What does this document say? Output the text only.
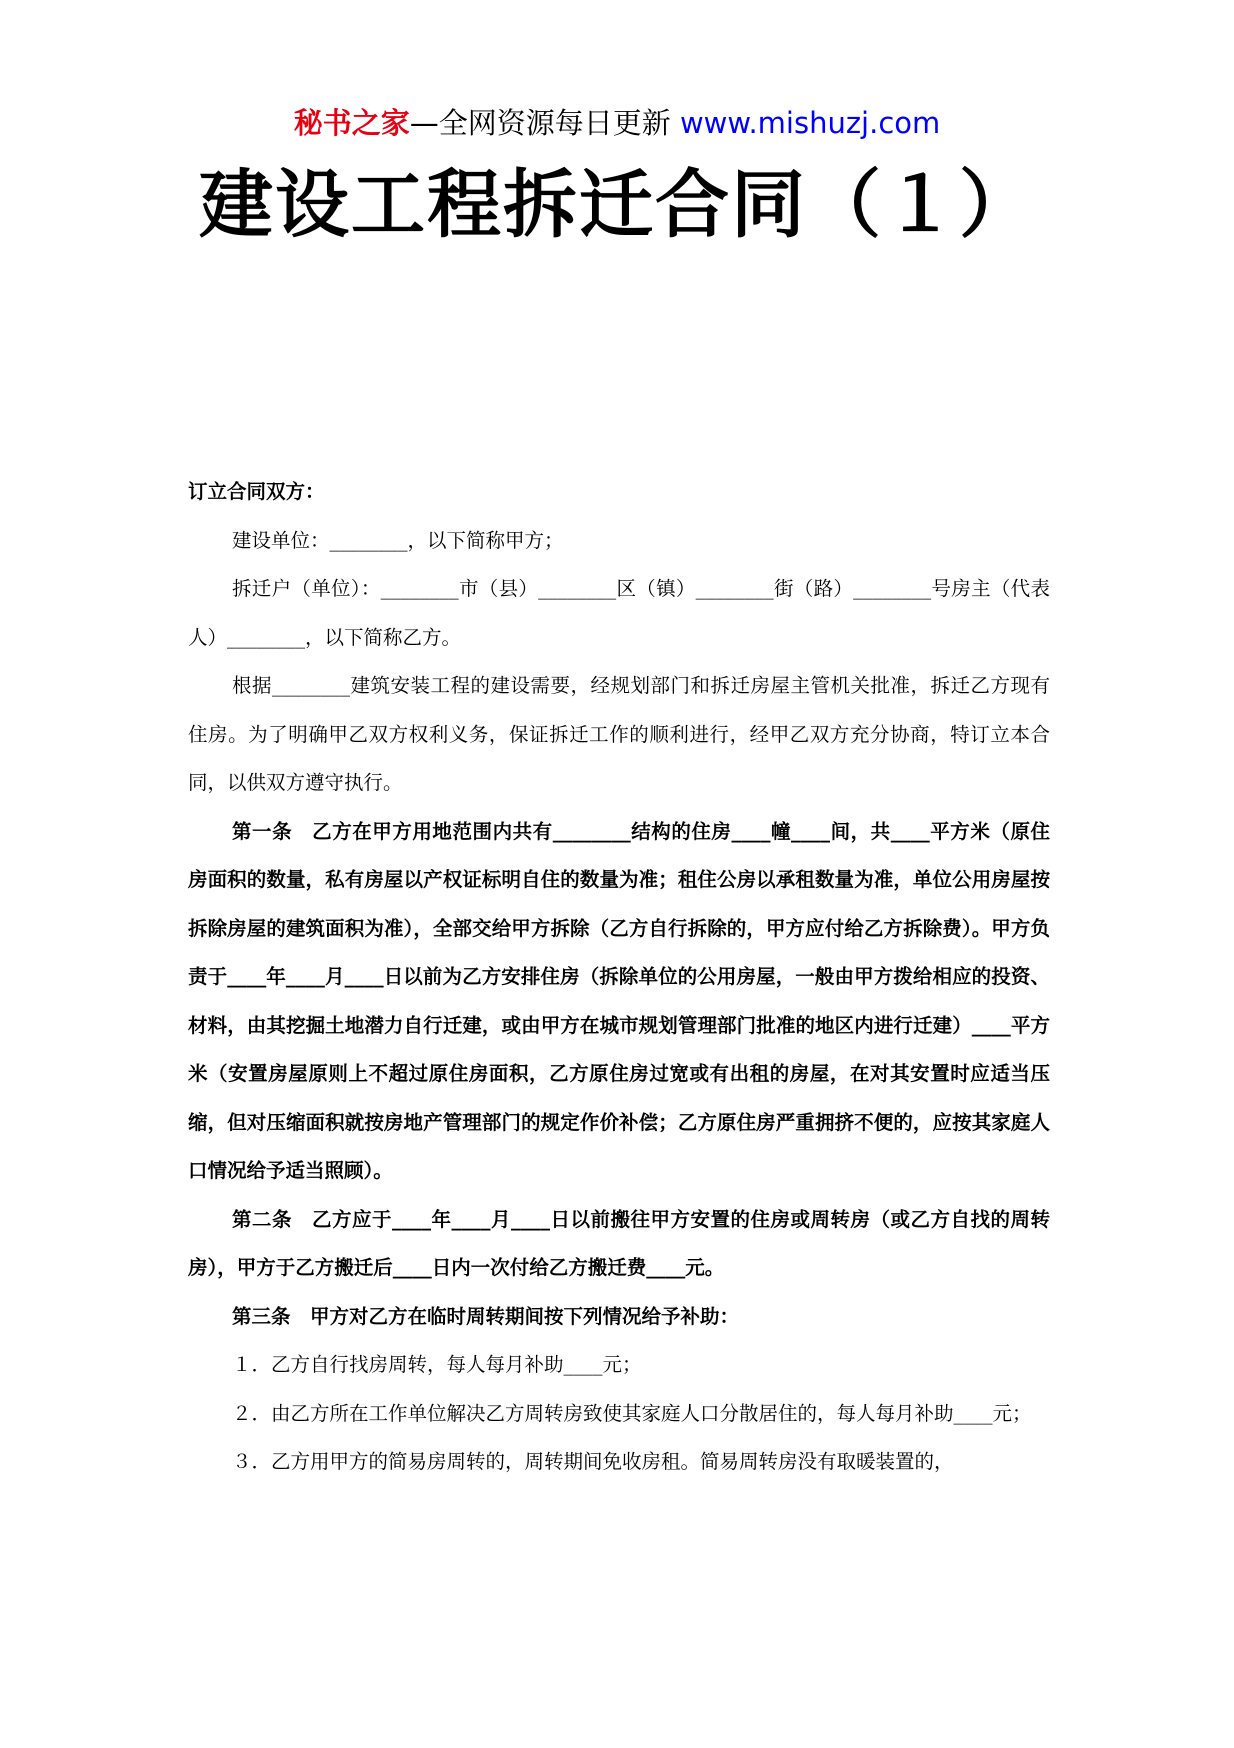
秘书之家—全网资源每日更新 www.mishuzj.com
建设工程拆迁合同（１）

订立合同双方：

建设单位：________，以下简称甲方；

拆迁户（单位）：________市（县）________区（镇）________街（路）________号房主（代表人）________，以下简称乙方。

根据________建筑安装工程的建设需要，经规划部门和拆迁房屋主管机关批准，拆迁乙方现有住房。为了明确甲乙双方权利义务，保证拆迁工作的顺利进行，经甲乙双方充分协商，特订立本合同，以供双方遵守执行。

第一条　乙方在甲方用地范围内共有________结构的住房____幢____间，共____平方米（原住房面积的数量，私有房屋以产权证标明自住的数量为准；租住公房以承租数量为准，单位公用房屋按拆除房屋的建筑面积为准），全部交给甲方拆除（乙方自行拆除的，甲方应付给乙方拆除费）。甲方负责于____年____月____日以前为乙方安排住房（拆除单位的公用房屋，一般由甲方拨给相应的投资、材料，由其挖掘土地潜力自行迁建，或由甲方在城市规划管理部门批准的地区内进行迁建）____平方米（安置房屋原则上不超过原住房面积，乙方原住房过宽或有出租的房屋，在对其安置时应适当压缩，但对压缩面积就按房地产管理部门的规定作价补偿；乙方原住房严重拥挤不便的，应按其家庭人口情况给予适当照顾）。

第二条　乙方应于____年____月____日以前搬往甲方安置的住房或周转房（或乙方自找的周转房），甲方于乙方搬迁后____日内一次付给乙方搬迁费____元。

第三条　甲方对乙方在临时周转期间按下列情况给予补助：

１．乙方自行找房周转，每人每月补助____元；

２．由乙方所在工作单位解决乙方周转房致使其家庭人口分散居住的，每人每月补助____元；

３．乙方用甲方的简易房周转的，周转期间免收房租。简易周转房没有取暖装置的，
